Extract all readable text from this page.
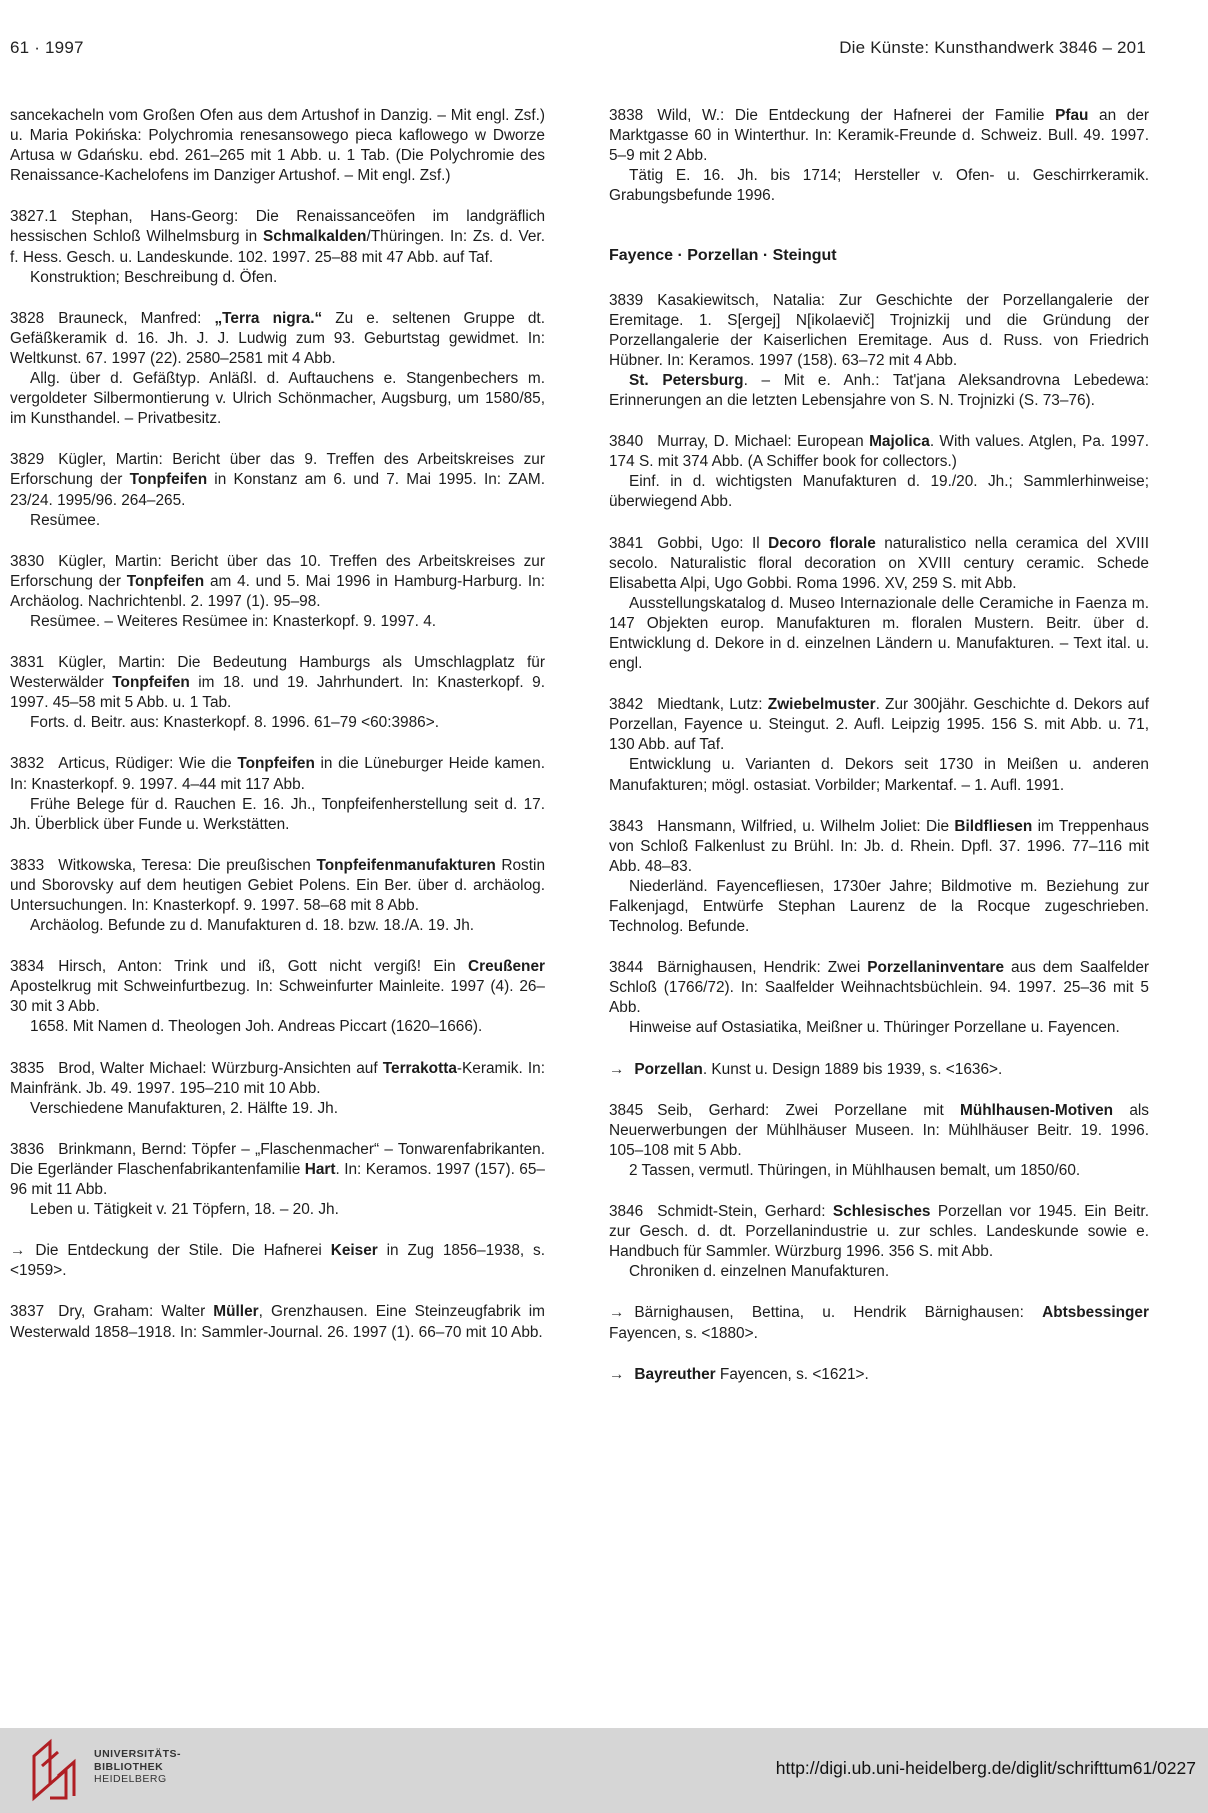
61 · 1997	Die Künste: Kunsthandwerk 3846 – 201

sancekacheln vom Großen Ofen aus dem Artushof in Danzig. – Mit engl. Zsf.) u. Maria Pokińska: Polychromia renesansowego pieca kaflowego w Dworze Artusa w Gdańsku. ebd. 261–265 mit 1 Abb. u. 1 Tab. (Die Polychromie des Renaissance-Kachelofens im Danziger Artushof. – Mit engl. Zsf.)

3827.1 Stephan, Hans-Georg: Die Renaissanceöfen im landgräflich hessischen Schloß Wilhelmsburg in Schmalkalden/Thüringen. In: Zs. d. Ver. f. Hess. Gesch. u. Landeskunde. 102. 1997. 25–88 mit 47 Abb. auf Taf.

Konstruktion; Beschreibung d. Öfen.

3828 Brauneck, Manfred: „Terra nigra.“ Zu e. seltenen Gruppe dt. Gefäßkeramik d. 16. Jh. J. J. Ludwig zum 93. Geburtstag gewidmet. In: Weltkunst. 67. 1997 (22). 2580–2581 mit 4 Abb.

Allg. über d. Gefäßtyp. Anläßl. d. Auftauchens e. Stangenbechers m. vergoldeter Silbermontierung v. Ulrich Schönmacher, Augsburg, um 1580/85, im Kunsthandel. – Privatbesitz.

3829 Kügler, Martin: Bericht über das 9. Treffen des Arbeitskreises zur Erforschung der Tonpfeifen in Konstanz am 6. und 7. Mai 1995. In: ZAM. 23/24. 1995/96. 264–265.

Resümee.

3830 Kügler, Martin: Bericht über das 10. Treffen des Arbeitskreises zur Erforschung der Tonpfeifen am 4. und 5. Mai 1996 in Hamburg-Harburg. In: Archäolog. Nachrichtenbl. 2. 1997 (1). 95–98.

Resümee. – Weiteres Resümee in: Knasterkopf. 9. 1997. 4.

3831 Kügler, Martin: Die Bedeutung Hamburgs als Umschlagplatz für Westerwälder Tonpfeifen im 18. und 19. Jahrhundert. In: Knasterkopf. 9. 1997. 45–58 mit 5 Abb. u. 1 Tab.

Forts. d. Beitr. aus: Knasterkopf. 8. 1996. 61–79 <60:3986>.

3832 Articus, Rüdiger: Wie die Tonpfeifen in die Lüneburger Heide kamen. In: Knasterkopf. 9. 1997. 4–44 mit 117 Abb.

Frühe Belege für d. Rauchen E. 16. Jh., Tonpfeifenherstellung seit d. 17. Jh. Überblick über Funde u. Werkstätten.

3833 Witkowska, Teresa: Die preußischen Tonpfeifenmanufakturen Rostin und Sborovsky auf dem heutigen Gebiet Polens. Ein Ber. über d. archäolog. Untersuchungen. In: Knasterkopf. 9. 1997. 58–68 mit 8 Abb.

Archäolog. Befunde zu d. Manufakturen d. 18. bzw. 18./A. 19. Jh.

3834 Hirsch, Anton: Trink und iß, Gott nicht vergiß! Ein Creußener Apostelkrug mit Schweinfurtbezug. In: Schweinfurter Mainleite. 1997 (4). 26–30 mit 3 Abb.

1658. Mit Namen d. Theologen Joh. Andreas Piccart (1620–1666).

3835 Brod, Walter Michael: Würzburg-Ansichten auf Terrakotta-Keramik. In: Mainfränk. Jb. 49. 1997. 195–210 mit 10 Abb.

Verschiedene Manufakturen, 2. Hälfte 19. Jh.

3836 Brinkmann, Bernd: Töpfer – „Flaschenmacher“ – Tonwarenfabrikanten. Die Egerländer Flaschenfabrikantenfamilie Hart. In: Keramos. 1997 (157). 65–96 mit 11 Abb.

Leben u. Tätigkeit v. 21 Töpfern, 18. – 20. Jh.

→ Die Entdeckung der Stile. Die Hafnerei Keiser in Zug 1856–1938, s. <1959>.

3837 Dry, Graham: Walter Müller, Grenzhausen. Eine Steinzeugfabrik im Westerwald 1858–1918. In: Sammler-Journal. 26. 1997 (1). 66–70 mit 10 Abb.

3838 Wild, W.: Die Entdeckung der Hafnerei der Familie Pfau an der Marktgasse 60 in Winterthur. In: Keramik-Freunde d. Schweiz. Bull. 49. 1997. 5–9 mit 2 Abb.

Tätig E. 16. Jh. bis 1714; Hersteller v. Ofen- u. Geschirrkeramik. Grabungsbefunde 1996.

Fayence · Porzellan · Steingut

3839 Kasakiewitsch, Natalia: Zur Geschichte der Porzellangalerie der Eremitage. 1. S[ergej] N[ikolaevič] Trojnizkij und die Gründung der Porzellangalerie der Kaiserlichen Eremitage. Aus d. Russ. von Friedrich Hübner. In: Keramos. 1997 (158). 63–72 mit 4 Abb.

St. Petersburg. – Mit e. Anh.: Tat'jana Aleksandrovna Lebedewa: Erinnerungen an die letzten Lebensjahre von S. N. Trojnizki (S. 73–76).

3840 Murray, D. Michael: European Majolica. With values. Atglen, Pa. 1997. 174 S. mit 374 Abb. (A Schiffer book for collectors.)

Einf. in d. wichtigsten Manufakturen d. 19./20. Jh.; Sammlerhinweise; überwiegend Abb.

3841 Gobbi, Ugo: Il Decoro florale naturalistico nella ceramica del XVIII secolo. Naturalistic floral decoration on XVIII century ceramic. Schede Elisabetta Alpi, Ugo Gobbi. Roma 1996. XV, 259 S. mit Abb.

Ausstellungskatalog d. Museo Internazionale delle Ceramiche in Faenza m. 147 Objekten europ. Manufakturen m. floralen Mustern. Beitr. über d. Entwicklung d. Dekore in d. einzelnen Ländern u. Manufakturen. – Text ital. u. engl.

3842 Miedtank, Lutz: Zwiebelmuster. Zur 300jähr. Geschichte d. Dekors auf Porzellan, Fayence u. Steingut. 2. Aufl. Leipzig 1995. 156 S. mit Abb. u. 71, 130 Abb. auf Taf.

Entwicklung u. Varianten d. Dekors seit 1730 in Meißen u. anderen Manufakturen; mögl. ostasiat. Vorbilder; Markentaf. – 1. Aufl. 1991.

3843 Hansmann, Wilfried, u. Wilhelm Joliet: Die Bildfliesen im Treppenhaus von Schloß Falkenlust zu Brühl. In: Jb. d. Rhein. Dpfl. 37. 1996. 77–116 mit Abb. 48–83.

Niederländ. Fayencefliesen, 1730er Jahre; Bildmotive m. Beziehung zur Falkenjagd, Entwürfe Stephan Laurenz de la Rocque zugeschrieben. Technolog. Befunde.

3844 Bärnighausen, Hendrik: Zwei Porzellaninventare aus dem Saalfelder Schloß (1766/72). In: Saalfelder Weihnachtsbüchlein. 94. 1997. 25–36 mit 5 Abb.

Hinweise auf Ostasiatika, Meißner u. Thüringer Porzellane u. Fayencen.

→ Porzellan. Kunst u. Design 1889 bis 1939, s. <1636>.

3845 Seib, Gerhard: Zwei Porzellane mit Mühlhausen-Motiven als Neuerwerbungen der Mühlhäuser Museen. In: Mühlhäuser Beitr. 19. 1996. 105–108 mit 5 Abb.

2 Tassen, vermutl. Thüringen, in Mühlhausen bemalt, um 1850/60.

3846 Schmidt-Stein, Gerhard: Schlesisches Porzellan vor 1945. Ein Beitr. zur Gesch. d. dt. Porzellanindustrie u. zur schles. Landeskunde sowie e. Handbuch für Sammler. Würzburg 1996. 356 S. mit Abb.

Chroniken d. einzelnen Manufakturen.

→ Bärnighausen, Bettina, u. Hendrik Bärnighausen: Abtsbessinger Fayencen, s. <1880>.

→ Bayreuther Fayencen, s. <1621>.

UNIVERSITÄTS-
BIBLIOTHEK
HEIDELBERG
http://digi.ub.uni-heidelberg.de/diglit/schrifttum61/0227
